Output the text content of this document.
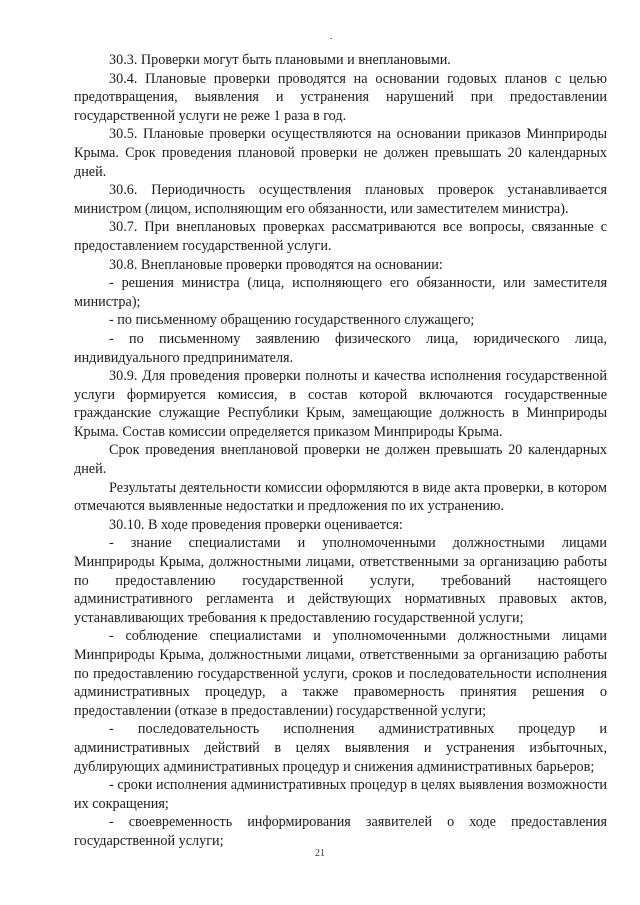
30.3. Проверки могут быть плановыми и внеплановыми.

30.4. Плановые проверки проводятся на основании годовых планов с целью предотвращения, выявления и устранения нарушений при предоставлении государственной услуги не реже 1 раза в год.

30.5. Плановые проверки осуществляются на основании приказов Минприроды Крыма. Срок проведения плановой проверки не должен превышать 20 календарных дней.

30.6. Периодичность осуществления плановых проверок устанавливается министром (лицом, исполняющим его обязанности, или заместителем министра).

30.7. При внеплановых проверках рассматриваются все вопросы, связанные с предоставлением государственной услуги.

30.8. Внеплановые проверки проводятся на основании:

- решения министра (лица, исполняющего его обязанности, или заместителя министра);

- по письменному обращению государственного служащего;

- по письменному заявлению физического лица, юридического лица, индивидуального предпринимателя.

30.9. Для проведения проверки полноты и качества исполнения государственной услуги формируется комиссия, в состав которой включаются государственные гражданские служащие Республики Крым, замещающие должность в Минприроды Крыма. Состав комиссии определяется приказом Минприроды Крыма.

Срок проведения внеплановой проверки не должен превышать 20 календарных дней.

Результаты деятельности комиссии оформляются в виде акта проверки, в котором отмечаются выявленные недостатки и предложения по их устранению.

30.10. В ходе проведения проверки оценивается:

- знание специалистами и уполномоченными должностными лицами Минприроды Крыма, должностными лицами, ответственными за организацию работы по предоставлению государственной услуги, требований настоящего административного регламента и действующих нормативных правовых актов, устанавливающих требования к предоставлению государственной услуги;

- соблюдение специалистами и уполномоченными должностными лицами Минприроды Крыма, должностными лицами, ответственными за организацию работы по предоставлению государственной услуги, сроков и последовательности исполнения административных процедур, а также правомерность принятия решения о предоставлении (отказе в предоставлении) государственной услуги;

- последовательность исполнения административных процедур и административных действий в целях выявления и устранения избыточных, дублирующих административных процедур и снижения административных барьеров;

- сроки исполнения административных процедур в целях выявления возможности их сокращения;

- своевременность информирования заявителей о ходе предоставления государственной услуги;

21
